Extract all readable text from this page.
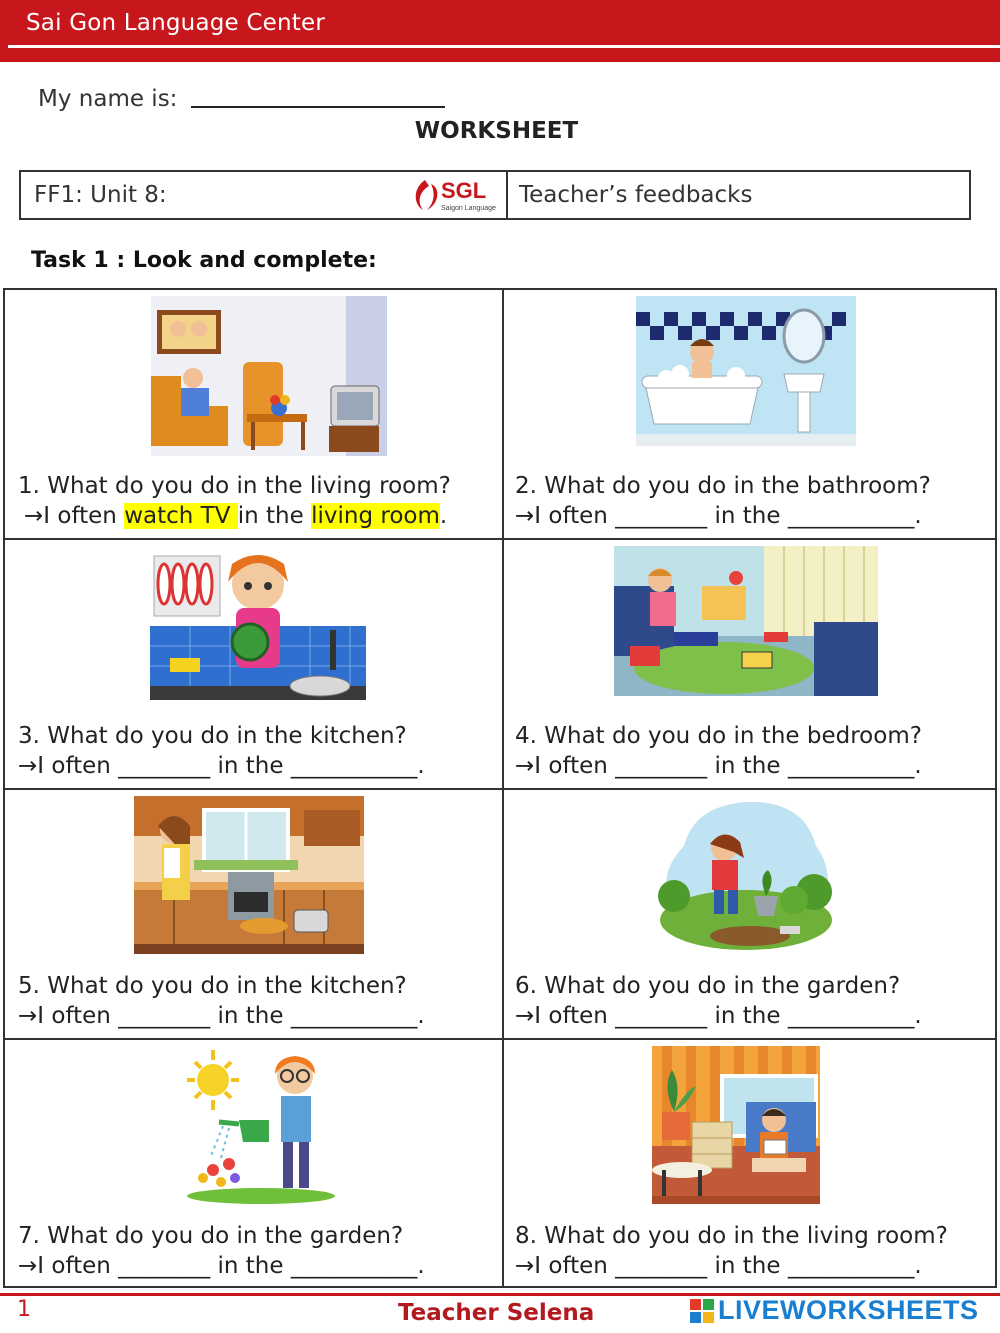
Sai Gon Language Center
My name is:
WORKSHEET
FF1: Unit 8:	SGL
Saigon Language
Teacher’s feedbacks
Task 1 : Look and complete:
1. What do you do in the living room?
→I often watch TV in the living room.
2. What do you do in the bathroom?
→I often ________ in the ___________.
3. What do you do in the kitchen?
→I often ________ in the ___________.
4. What do you do in the bedroom?
→I often ________ in the ___________.
5. What do you do in the kitchen?
→I often ________ in the ___________.
6. What do you do in the garden?
→I often ________ in the ___________.
7. What do you do in the garden?
→I often ________ in the ___________.
8. What do you do in the living room?
→I often ________ in the ___________.
1	Teacher Selena	LIVEWORKSHEETS
